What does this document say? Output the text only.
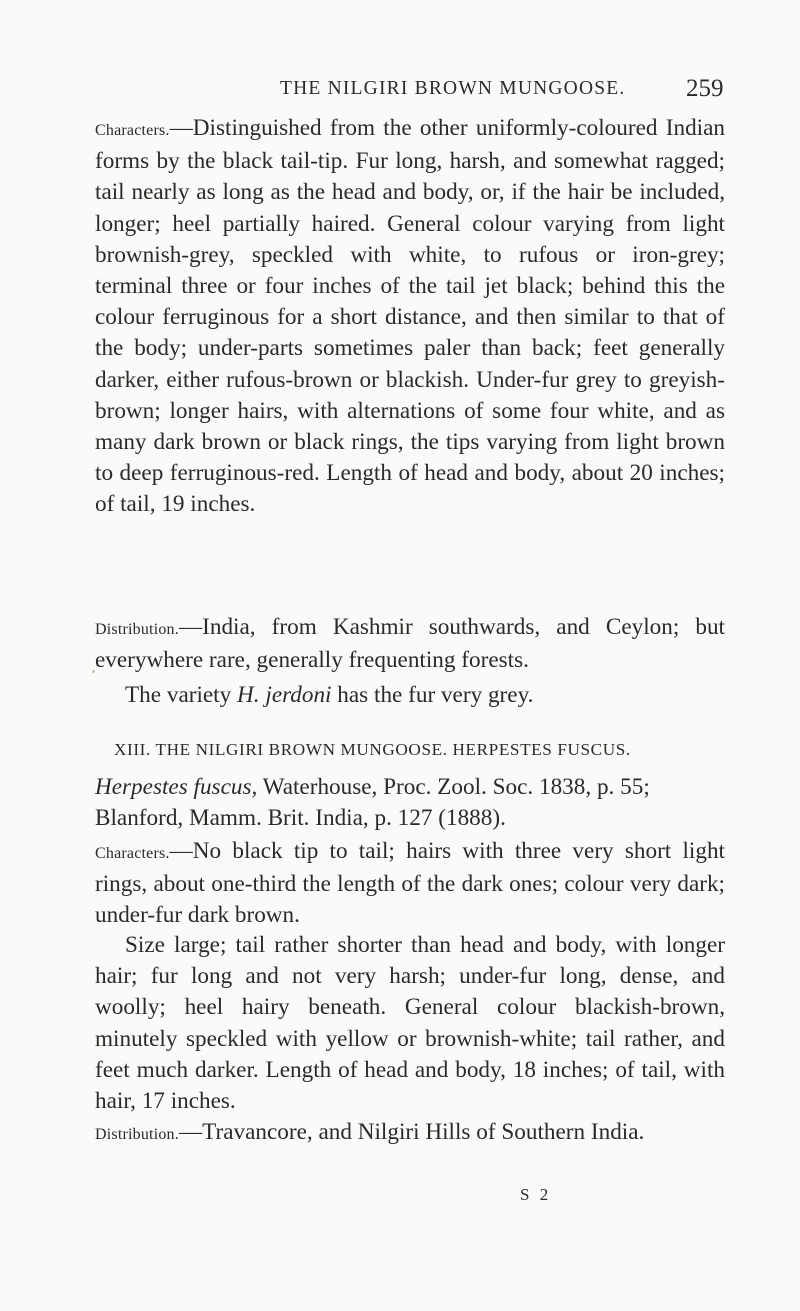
THE NILGIRI BROWN MUNGOOSE. 259

Characters.—Distinguished from the other uniformly-coloured Indian forms by the black tail-tip. Fur long, harsh, and somewhat ragged; tail nearly as long as the head and body, or, if the hair be included, longer; heel partially haired. General colour varying from light brownish-grey, speckled with white, to rufous or iron-grey; terminal three or four inches of the tail jet black; behind this the colour ferruginous for a short distance, and then similar to that of the body; under-parts sometimes paler than back; feet generally darker, either rufous-brown or blackish. Under-fur grey to greyish-brown; longer hairs, with alternations of some four white, and as many dark brown or black rings, the tips varying from light brown to deep ferruginous-red. Length of head and body, about 20 inches; of tail, 19 inches.

Distribution.—India, from Kashmir southwards, and Ceylon; but everywhere rare, generally frequenting forests.

The variety H. jerdoni has the fur very grey.

XIII. THE NILGIRI BROWN MUNGOOSE. HERPESTES FUSCUS.

Herpestes fuscus, Waterhouse, Proc. Zool. Soc. 1838, p. 55;

Blanford, Mamm. Brit. India, p. 127 (1888).

Characters.—No black tip to tail; hairs with three very short light rings, about one-third the length of the dark ones; colour very dark; under-fur dark brown.

Size large; tail rather shorter than head and body, with longer hair; fur long and not very harsh; under-fur long, dense, and woolly; heel hairy beneath. General colour blackish-brown, minutely speckled with yellow or brownish-white; tail rather, and feet much darker. Length of head and body, 18 inches; of tail, with hair, 17 inches.

Distribution.—Travancore, and Nilgiri Hills of Southern India.

S 2
